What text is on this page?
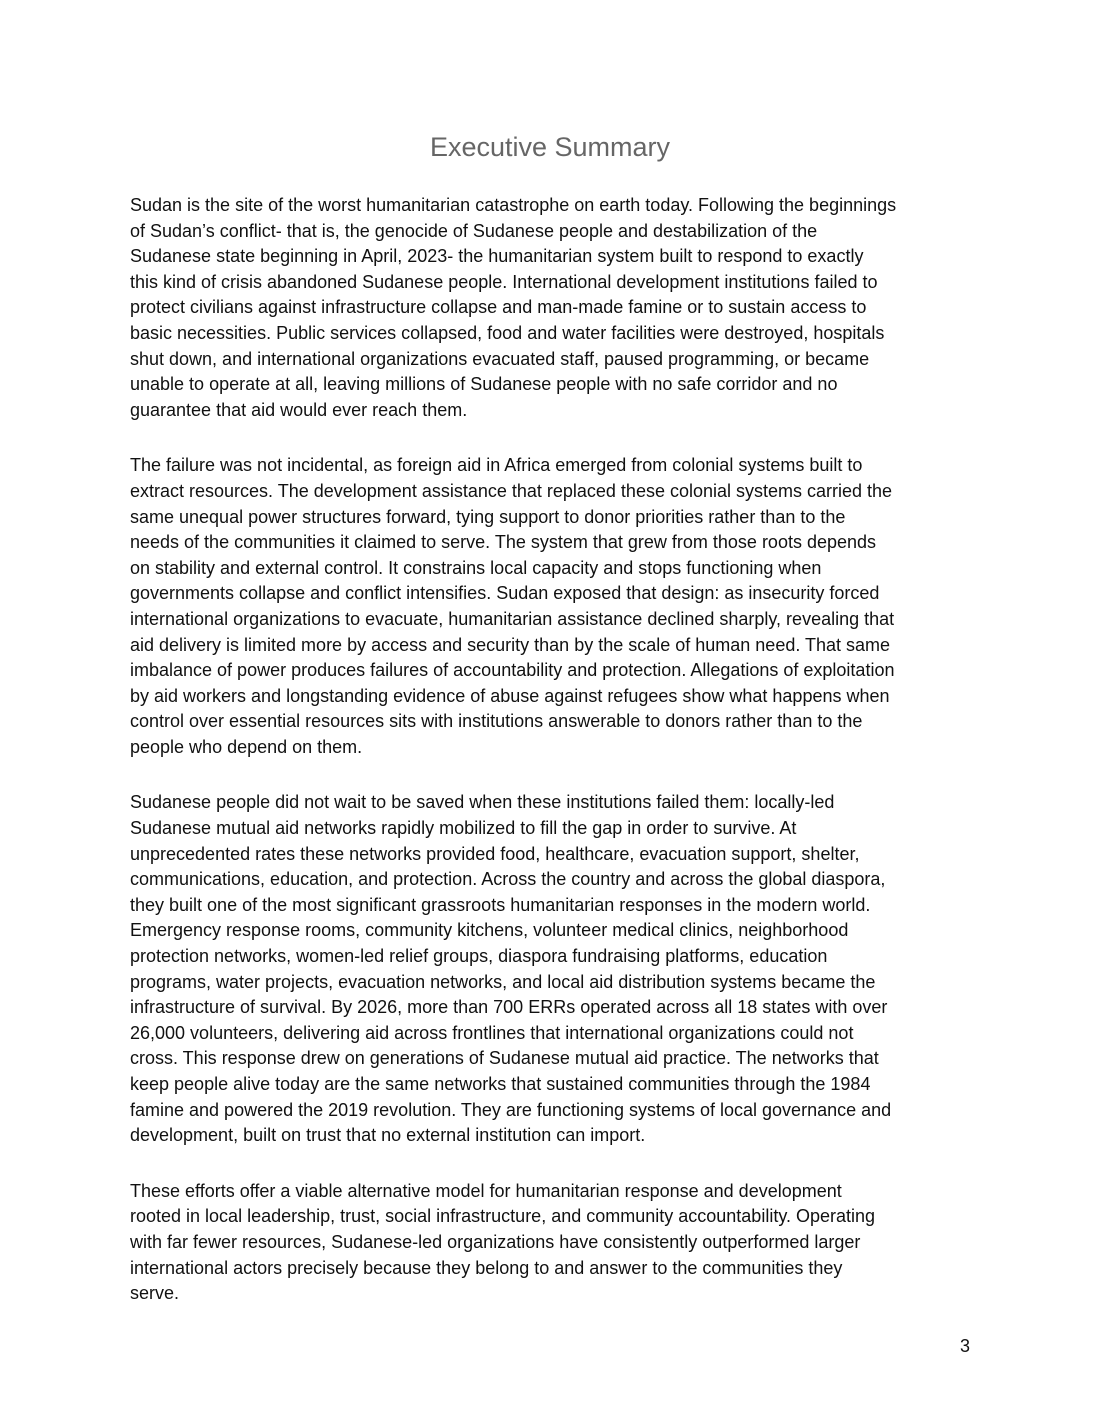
Executive Summary

Sudan is the site of the worst humanitarian catastrophe on earth today. Following the beginnings
of Sudan’s conflict- that is, the genocide of Sudanese people and destabilization of the
Sudanese state beginning in April, 2023- the humanitarian system built to respond to exactly
this kind of crisis abandoned Sudanese people. International development institutions failed to
protect civilians against infrastructure collapse and man-made famine or to sustain access to
basic necessities. Public services collapsed, food and water facilities were destroyed, hospitals
shut down, and international organizations evacuated staff, paused programming, or became
unable to operate at all, leaving millions of Sudanese people with no safe corridor and no
guarantee that aid would ever reach them.

The failure was not incidental, as foreign aid in Africa emerged from colonial systems built to
extract resources. The development assistance that replaced these colonial systems carried the
same unequal power structures forward, tying support to donor priorities rather than to the
needs of the communities it claimed to serve. The system that grew from those roots depends
on stability and external control. It constrains local capacity and stops functioning when
governments collapse and conflict intensifies. Sudan exposed that design: as insecurity forced
international organizations to evacuate, humanitarian assistance declined sharply, revealing that
aid delivery is limited more by access and security than by the scale of human need. That same
imbalance of power produces failures of accountability and protection. Allegations of exploitation
by aid workers and longstanding evidence of abuse against refugees show what happens when
control over essential resources sits with institutions answerable to donors rather than to the
people who depend on them.

Sudanese people did not wait to be saved when these institutions failed them: locally-led
Sudanese mutual aid networks rapidly mobilized to fill the gap in order to survive. At
unprecedented rates these networks provided food, healthcare, evacuation support, shelter,
communications, education, and protection. Across the country and across the global diaspora,
they built one of the most significant grassroots humanitarian responses in the modern world.
Emergency response rooms, community kitchens, volunteer medical clinics, neighborhood
protection networks, women-led relief groups, diaspora fundraising platforms, education
programs, water projects, evacuation networks, and local aid distribution systems became the
infrastructure of survival. By 2026, more than 700 ERRs operated across all 18 states with over
26,000 volunteers, delivering aid across frontlines that international organizations could not
cross. This response drew on generations of Sudanese mutual aid practice. The networks that
keep people alive today are the same networks that sustained communities through the 1984
famine and powered the 2019 revolution. They are functioning systems of local governance and
development, built on trust that no external institution can import.

These efforts offer a viable alternative model for humanitarian response and development
rooted in local leadership, trust, social infrastructure, and community accountability. Operating
with far fewer resources, Sudanese-led organizations have consistently outperformed larger
international actors precisely because they belong to and answer to the communities they
serve.

3
